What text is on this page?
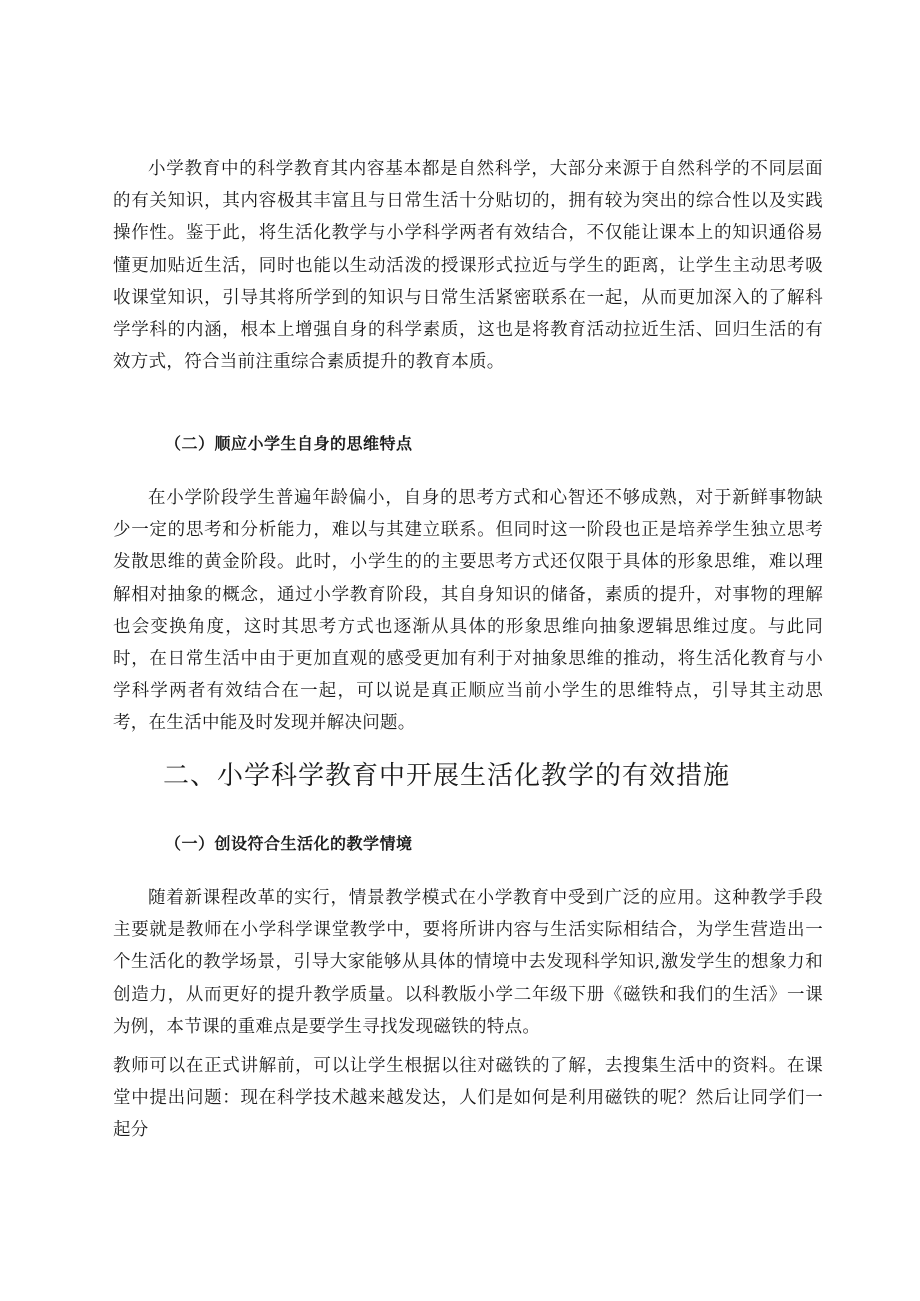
小学教育中的科学教育其内容基本都是自然科学，大部分来源于自然科学的不同层面的有关知识，其内容极其丰富且与日常生活十分贴切的，拥有较为突出的综合性以及实践操作性。鉴于此，将生活化教学与小学科学两者有效结合，不仅能让课本上的知识通俗易懂更加贴近生活，同时也能以生动活泼的授课形式拉近与学生的距离，让学生主动思考吸收课堂知识，引导其将所学到的知识与日常生活紧密联系在一起，从而更加深入的了解科学学科的内涵，根本上增强自身的科学素质，这也是将教育活动拉近生活、回归生活的有效方式，符合当前注重综合素质提升的教育本质。

（二）顺应小学生自身的思维特点

在小学阶段学生普遍年龄偏小，自身的思考方式和心智还不够成熟，对于新鲜事物缺少一定的思考和分析能力，难以与其建立联系。但同时这一阶段也正是培养学生独立思考发散思维的黄金阶段。此时，小学生的的主要思考方式还仅限于具体的形象思维，难以理解相对抽象的概念，通过小学教育阶段，其自身知识的储备，素质的提升，对事物的理解也会变换角度，这时其思考方式也逐渐从具体的形象思维向抽象逻辑思维过度。与此同时，在日常生活中由于更加直观的感受更加有利于对抽象思维的推动，将生活化教育与小学科学两者有效结合在一起，可以说是真正顺应当前小学生的思维特点，引导其主动思考，在生活中能及时发现并解决问题。

二、小学科学教育中开展生活化教学的有效措施
（一）创设符合生活化的教学情境

随着新课程改革的实行，情景教学模式在小学教育中受到广泛的应用。这种教学手段主要就是教师在小学科学课堂教学中，要将所讲内容与生活实际相结合，为学生营造出一个生活化的教学场景，引导大家能够从具体的情境中去发现科学知识,激发学生的想象力和创造力，从而更好的提升教学质量。以科教版小学二年级下册《磁铁和我们的生活》一课为例，本节课的重难点是要学生寻找发现磁铁的特点。

教师可以在正式讲解前，可以让学生根据以往对磁铁的了解，去搜集生活中的资料。在课堂中提出问题：现在科学技术越来越发达，人们是如何是利用磁铁的呢？然后让同学们一起分
